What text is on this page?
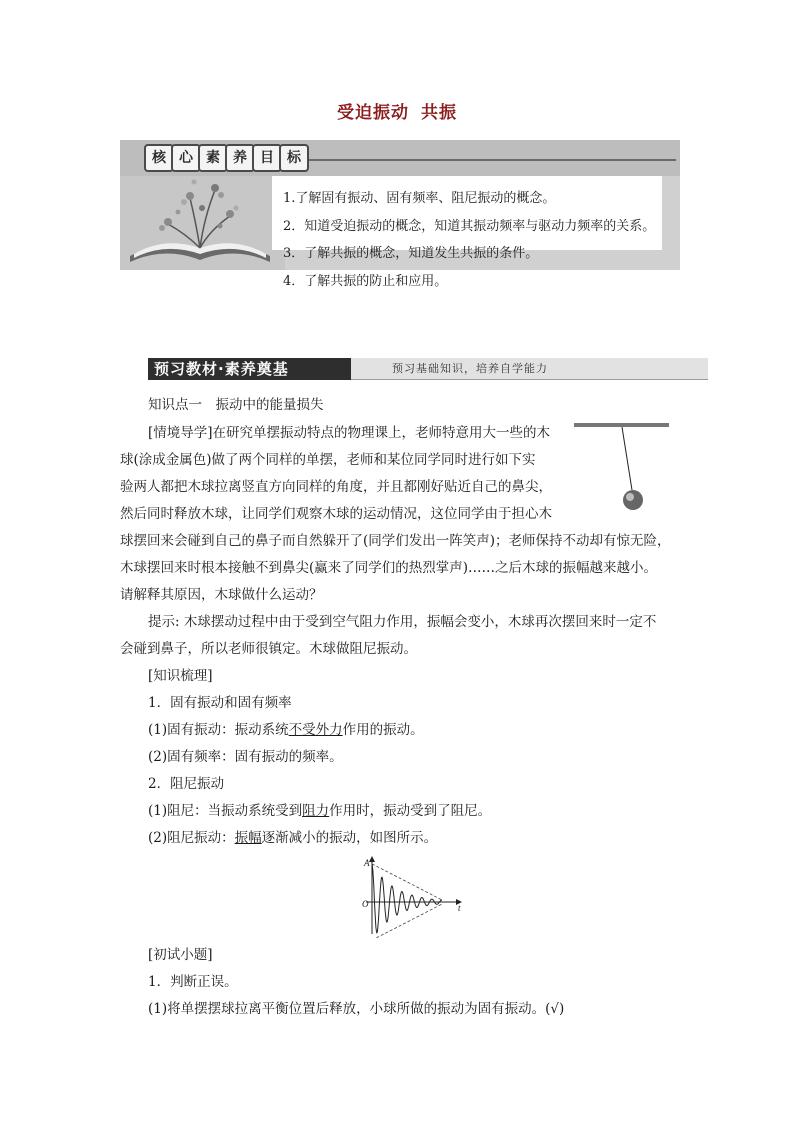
受迫振动 共振
核 心 素 养 目 标
1.了解固有振动、固有频率、阻尼振动的概念。
2．知道受迫振动的概念，知道其振动频率与驱动力频率的关系。
3．了解共振的概念，知道发生共振的条件。
4．了解共振的防止和应用。
预习教材·素养奠基	预习基础知识，培养自学能力
知识点一　振动中的能量损失
[情境导学]在研究单摆振动特点的物理课上，老师特意用大一些的木
球(涂成金属色)做了两个同样的单摆，老师和某位同学同时进行如下实
验两人都把木球拉离竖直方向同样的角度，并且都刚好贴近自己的鼻尖，
然后同时释放木球，让同学们观察木球的运动情况，这位同学由于担心木
球摆回来会碰到自己的鼻子而自然躲开了(同学们发出一阵笑声)；老师保持不动却有惊无险，
木球摆回来时根本接触不到鼻尖(赢来了同学们的热烈掌声)……之后木球的振幅越来越小。
请解释其原因，木球做什么运动？
提示: 木球摆动过程中由于受到空气阻力作用，振幅会变小，木球再次摆回来时一定不
会碰到鼻子，所以老师很镇定。木球做阻尼振动。
[知识梳理]
1．固有振动和固有频率
(1)固有振动：振动系统不受外力作用的振动。
(2)固有频率：固有振动的频率。
2．阻尼振动
(1)阻尼：当振动系统受到阻力作用时，振动受到了阻尼。
(2)阻尼振动：振幅逐渐减小的振动，如图所示。
A
O	t
[初试小题]
1．判断正误。
(1)将单摆摆球拉离平衡位置后释放，小球所做的振动为固有振动。(√)
